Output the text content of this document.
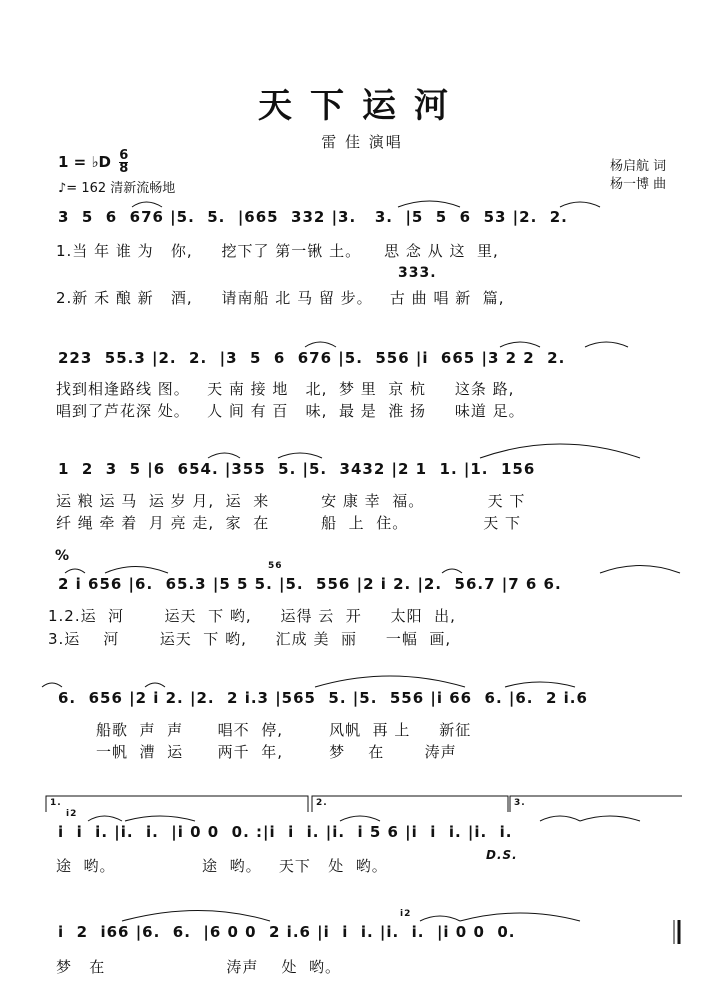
天下运河
雷 佳 演唱
1 = ♭D $\frac{6}{8}$
♪= 162 清新流畅地
杨启航 词
杨一博 曲
3  5  6  676 |5.  5.  |665  332 |3.   3.  |5  5  6  53 |2.  2.
333.
1.当 年 谁 为   你,     挖下了 第一锹 土。    思 念 从 这  里,
2.新 禾 酿 新   酒,     请南船 北 马 留 步。   古 曲 唱 新  篇,
223  55.3 |2.  2.  |3  5  6  676 |5.  556 |i  665 |3 2 2  2.
找到相逢路线 图。   天 南 接 地   北,  梦 里  京 杭     这条 路,
唱到了芦花深 处。   人 间 有 百   味,  最 是  淮 扬     味道 足。
1  2  3  5 |6  654. |355  5. |5.  3432 |2 1  1. |1.  156
运 粮 运 马  运 岁 月,  运  来         安 康 幸  福。           天 下
纤 绳 牵 着  月 亮 走,  家  在         船  上  住。             天 下
%
56
2 i 656 |6.  65.3 |5 5 5. |5.  556 |2 i 2. |2.  56.7 |7 6 6.
1.2.运  河       运天  下 哟,     运得 云  开     太阳  出,
3.运    河       运天  下 哟,     汇成 美  丽     一幅  画,
6.  656 |2 i 2. |2.  2 i.3 |565  5. |5.  556 |i 66  6. |6.  2 i.6
船歌  声  声      唱不  停,        风帆  再 上     新征
一帆  漕  运      两千  年,        梦    在       涛声
1.	2.	3.
i2
i  i  i. |i.  i.  |i 0 0  0. :|i  i  i. |i.  i 5 6 |i  i  i. |i.  i.
D.S.
途  哟。               途  哟。   天下   处  哟。
i2
i  2  i66 |6.  6.  |6 0 0  2 i.6 |i  i  i. |i.  i.  |i 0 0  0.
梦   在                     涛声    处  哟。
